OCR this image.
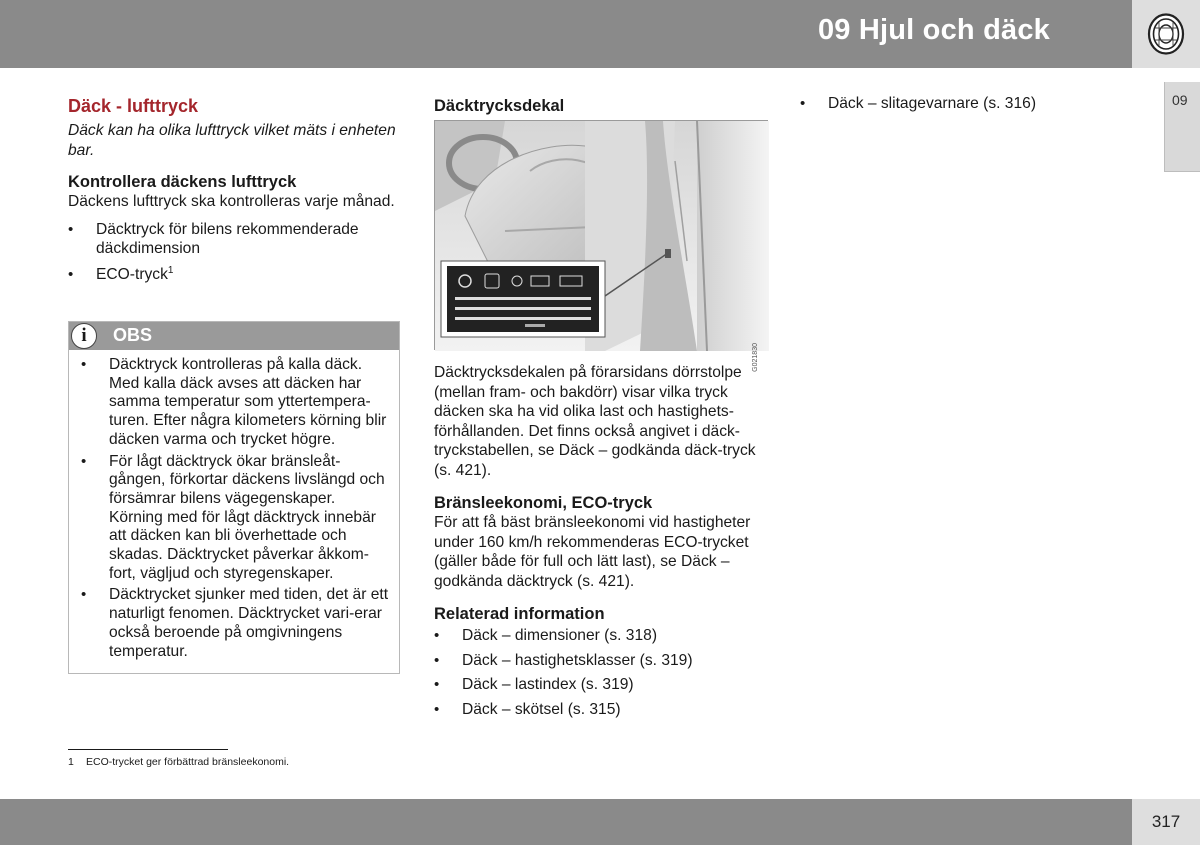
09 Hjul och däck
09
Däck - lufttryck

Däck kan ha olika lufttryck vilket mäts i enheten bar.

Kontrollera däckens lufttryck

Däckens lufttryck ska kontrolleras varje månad.

• Däcktryck för bilens rekommenderade däckdimension
• ECO-tryck$^1$
i	OBS
• Däcktryck kontrolleras på kalla däck. Med kalla däck avses att däcken har samma temperatur som yttertempera-turen. Efter några kilometers körning blir däcken varma och trycket högre.
• För lågt däcktryck ökar bränsleåt-gången, förkortar däckens livslängd och försämrar bilens vägegenskaper. Körning med för lågt däcktryck innebär att däcken kan bli överhettade och skadas. Däcktrycket påverkar åkkom-fort, vägljud och styregenskaper.
• Däcktrycket sjunker med tiden, det är ett naturligt fenomen. Däcktrycket vari-erar också beroende på omgivningens temperatur.
Däcktrycksdekal
G021830

Däcktrycksdekalen på förarsidans dörrstolpe (mellan fram- och bakdörr) visar vilka tryck däcken ska ha vid olika last och hastighets-förhållanden. Det finns också angivet i däck-tryckstabellen, se Däck – godkända däck-tryck (s. 421).

Bränsleekonomi, ECO-tryck

För att få bäst bränsleekonomi vid hastigheter under 160 km/h rekommenderas ECO-trycket (gäller både för full och lätt last), se Däck – godkända däcktryck (s. 421).

Relaterad information
• Däck – dimensioner (s. 318)
• Däck – hastighetsklasser (s. 319)
• Däck – lastindex (s. 319)
• Däck – skötsel (s. 315)
• Däck – slitagevarnare (s. 316)
1 ECO-trycket ger förbättrad bränsleekonomi.
317
